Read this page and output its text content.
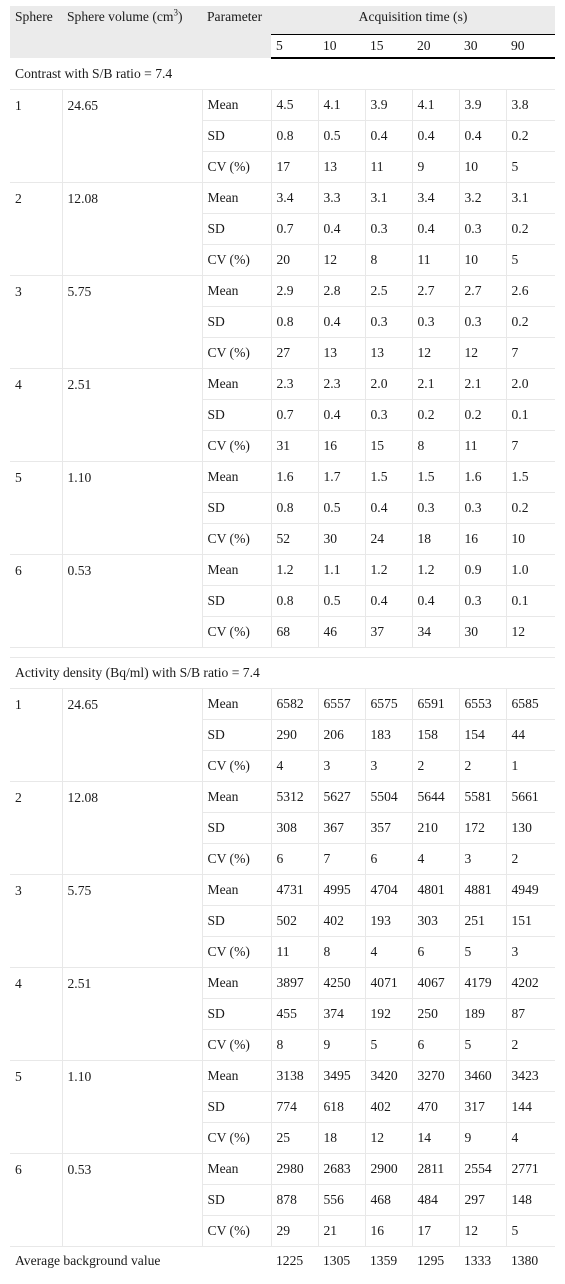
Sphere	Sphere volume $(cm^3)$	Parameter	Acquisition time (s)					
			5	10	15	20	30	90
Contrast with S/B ratio = 7.4								
1	24.65	Mean	4.5	4.1	3.9	4.1	3.9	3.8
		SD	0.8	0.5	0.4	0.4	0.4	0.2
		CV (%)	17	13	11	9	10	5
2	12.08	Mean	3.4	3.3	3.1	3.4	3.2	3.1
		SD	0.7	0.4	0.3	0.4	0.3	0.2
		CV (%)	20	12	8	11	10	5
3	5.75	Mean	2.9	2.8	2.5	2.7	2.7	2.6
		SD	0.8	0.4	0.3	0.3	0.3	0.2
		CV (%)	27	13	13	12	12	7
4	2.51	Mean	2.3	2.3	2.0	2.1	2.1	2.0
		SD	0.7	0.4	0.3	0.2	0.2	0.1
		CV (%)	31	16	15	8	11	7
5	1.10	Mean	1.6	1.7	1.5	1.5	1.6	1.5
		SD	0.8	0.5	0.4	0.3	0.3	0.2
		CV (%)	52	30	24	18	16	10
6	0.53	Mean	1.2	1.1	1.2	1.2	0.9	1.0
		SD	0.8	0.5	0.4	0.4	0.3	0.1
		CV (%)	68	46	37	34	30	12

Activity density (Bq/ml) with S/B ratio = 7.4								
1	24.65	Mean	6582	6557	6575	6591	6553	6585
		SD	290	206	183	158	154	44
		CV (%)	4	3	3	2	2	1
2	12.08	Mean	5312	5627	5504	5644	5581	5661
		SD	308	367	357	210	172	130
		CV (%)	6	7	6	4	3	2
3	5.75	Mean	4731	4995	4704	4801	4881	4949
		SD	502	402	193	303	251	151
		CV (%)	11	8	4	6	5	3
4	2.51	Mean	3897	4250	4071	4067	4179	4202
		SD	455	374	192	250	189	87
		CV (%)	8	9	5	6	5	2
5	1.10	Mean	3138	3495	3420	3270	3460	3423
		SD	774	618	402	470	317	144
		CV (%)	25	18	12	14	9	4
6	0.53	Mean	2980	2683	2900	2811	2554	2771
		SD	878	556	468	484	297	148
		CV (%)	29	21	16	17	12	5
Average background value			1225	1305	1359	1295	1333	1380
